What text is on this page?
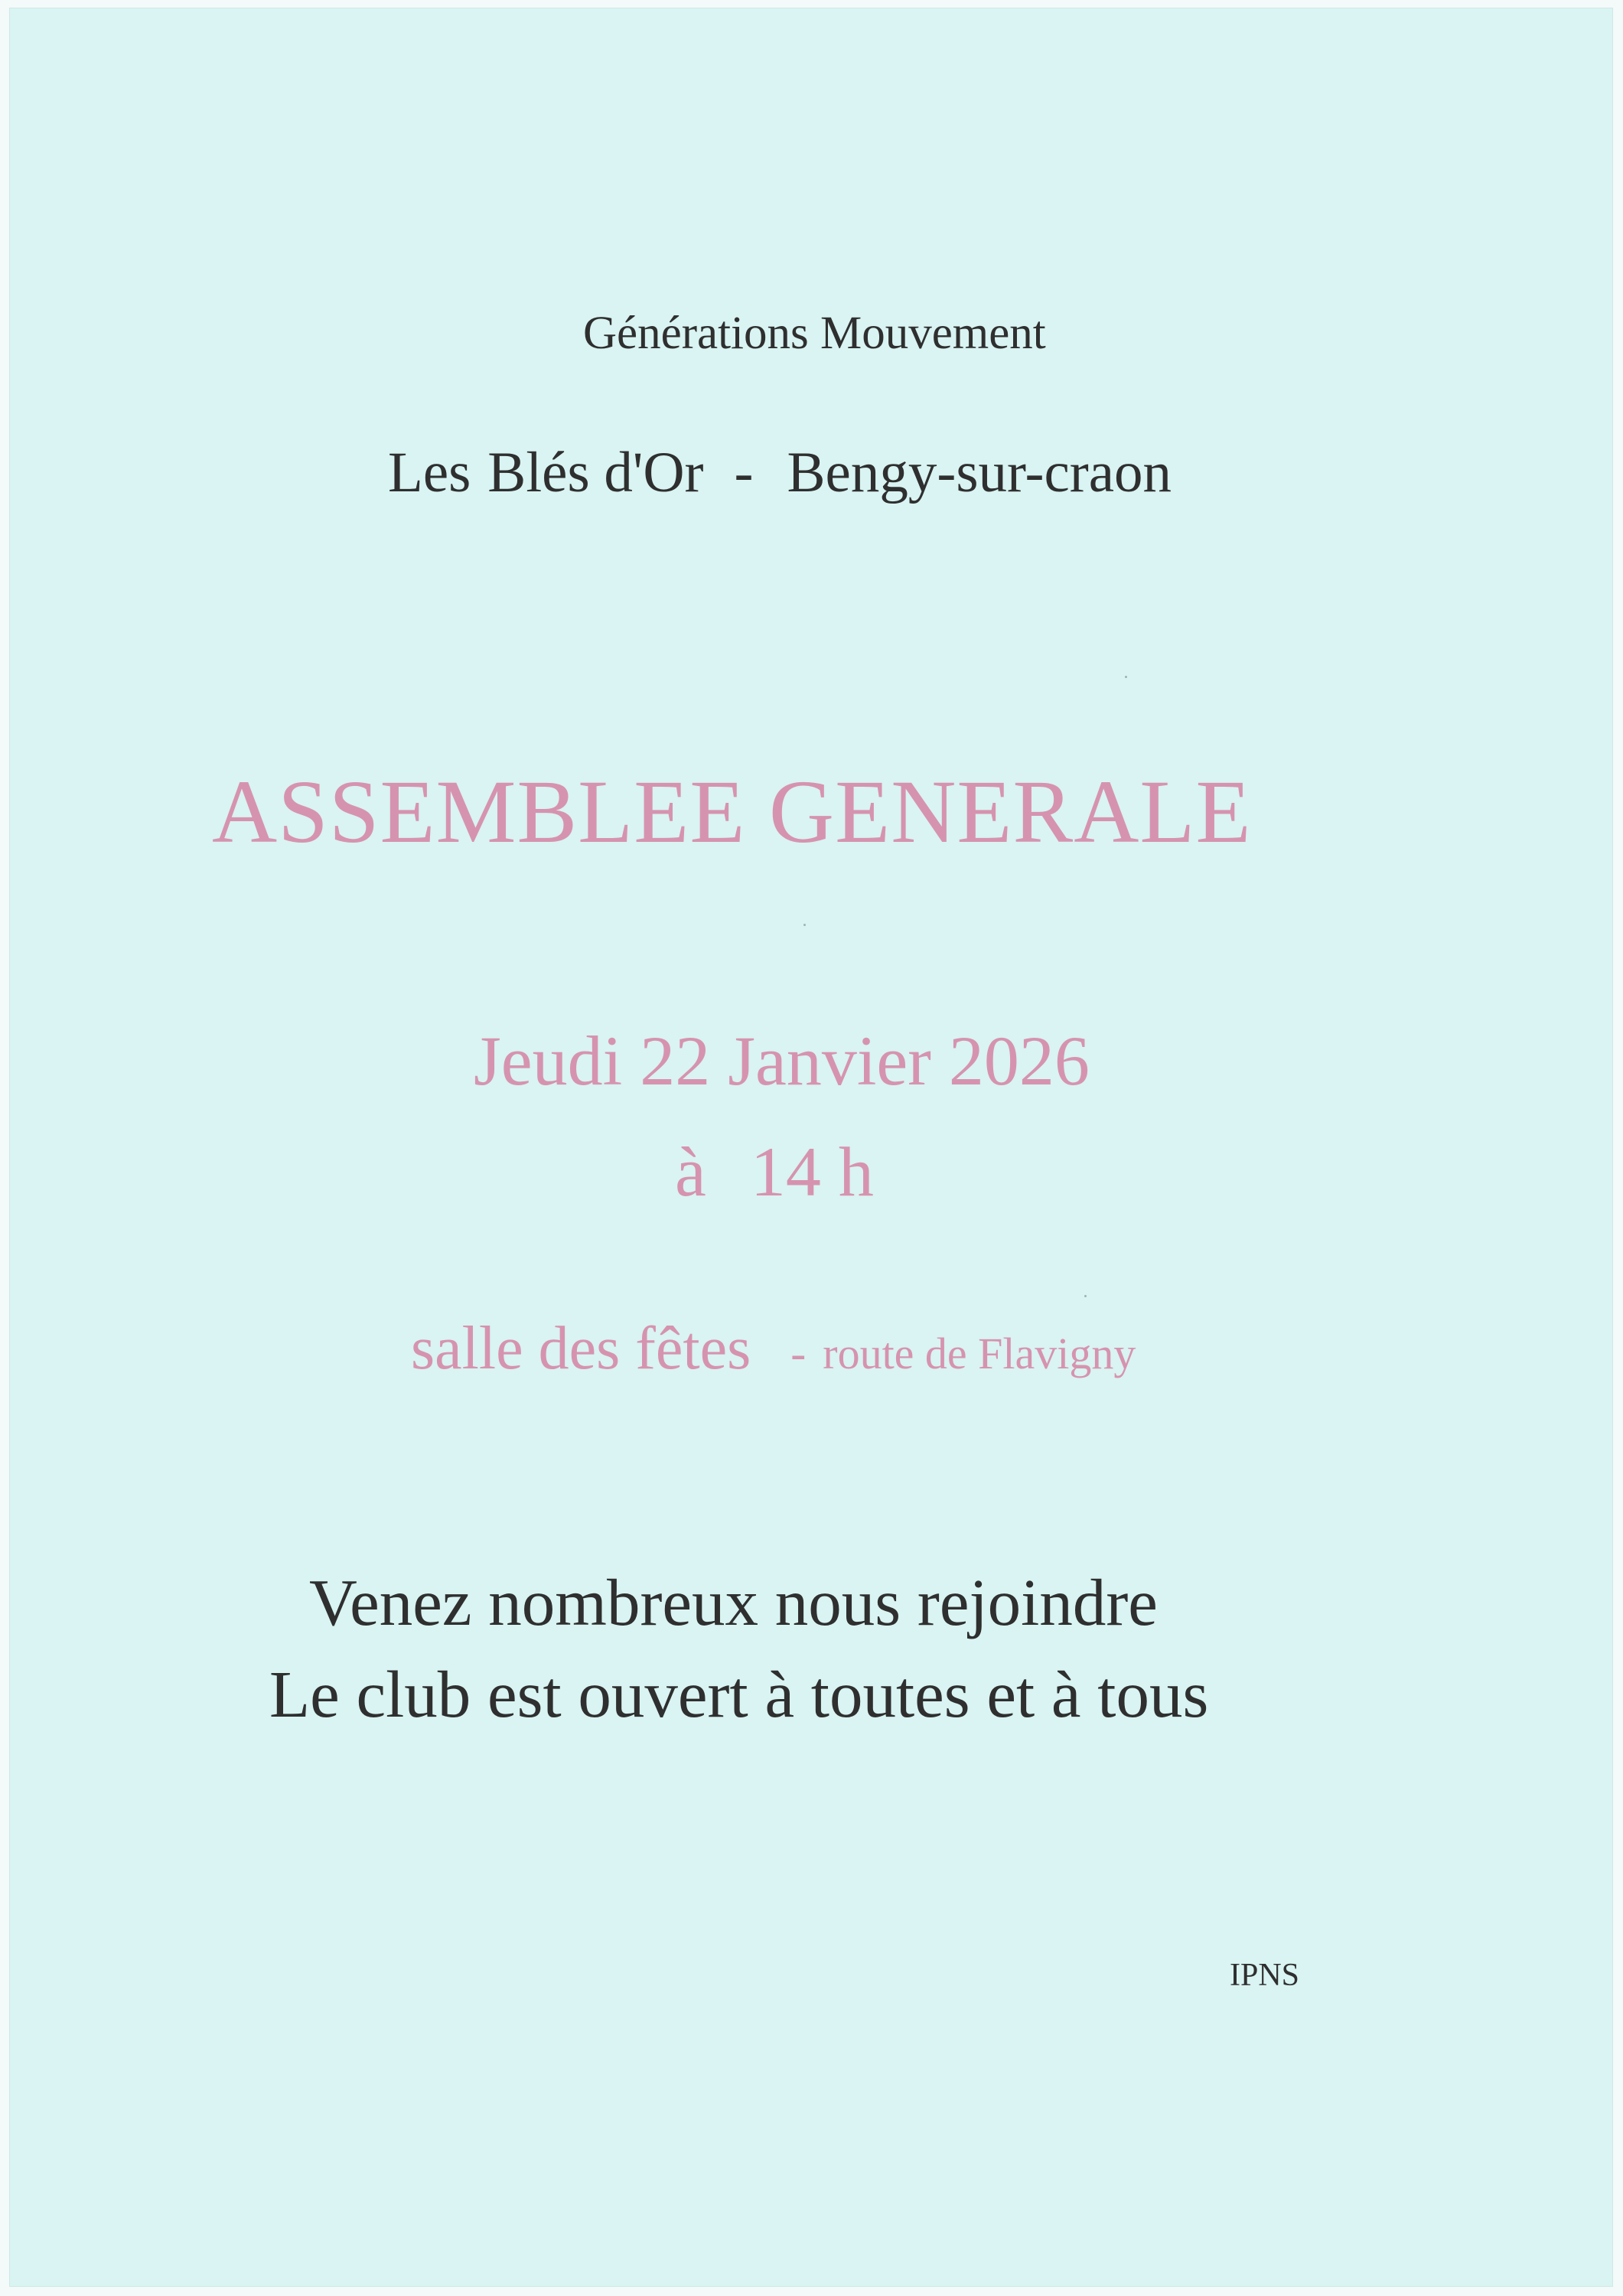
Générations Mouvement
Les Blés d'Or - Bengy-sur-craon
ASSEMBLEE GENERALE
Jeudi 22 Janvier 2026
à 14 h
salle des fêtes - route de Flavigny
Venez nombreux nous rejoindre
Le club est ouvert à toutes et à tous
IPNS
